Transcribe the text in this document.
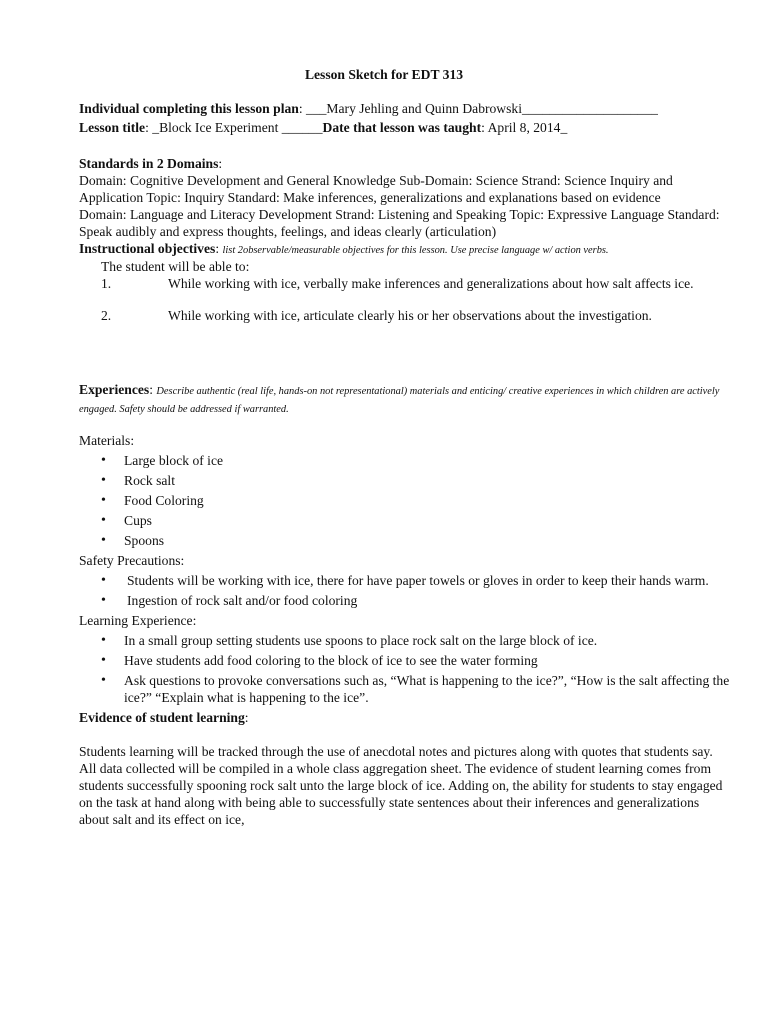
Lesson Sketch for EDT 313
Individual completing this lesson plan: ___Mary Jehling and Quinn Dabrowski____________________
Lesson title: _Block Ice Experiment ______Date that lesson was taught: April 8, 2014_
Standards in 2 Domains:
Domain: Cognitive Development and General Knowledge Sub-Domain: Science Strand: Science Inquiry and Application Topic: Inquiry Standard: Make inferences, generalizations and explanations based on evidence
Domain: Language and Literacy Development Strand: Listening and Speaking Topic: Expressive Language Standard: Speak audibly and express thoughts, feelings, and ideas clearly (articulation)
Instructional objectives: list 2observable/measurable objectives for this lesson. Use precise language w/ action verbs.
The student will be able to:
1.	While working with ice, verbally make inferences and generalizations about how salt affects ice.
2.	While working with ice, articulate clearly his or her observations about the investigation.
Experiences: Describe authentic (real life, hands-on not representational) materials and enticing/ creative experiences in which children are actively engaged. Safety should be addressed if warranted.
Materials:
• Large block of ice
• Rock salt
• Food Coloring
• Cups
• Spoons
Safety Precautions:
• Students will be working with ice, there for have paper towels or gloves in order to keep their hands warm.
• Ingestion of rock salt and/or food coloring
Learning Experience:
• In a small group setting students use spoons to place rock salt on the large block of ice.
• Have students add food coloring to the block of ice to see the water forming
• Ask questions to provoke conversations such as, “What is happening to the ice?”, “How is the salt affecting the ice?” “Explain what is happening to the ice”.
Evidence of student learning:
Students learning will be tracked through the use of anecdotal notes and pictures along with quotes that students say. All data collected will be compiled in a whole class aggregation sheet. The evidence of student learning comes from students successfully spooning rock salt unto the large block of ice. Adding on, the ability for students to stay engaged on the task at hand along with being able to successfully state sentences about their inferences and generalizations about salt and its effect on ice,
